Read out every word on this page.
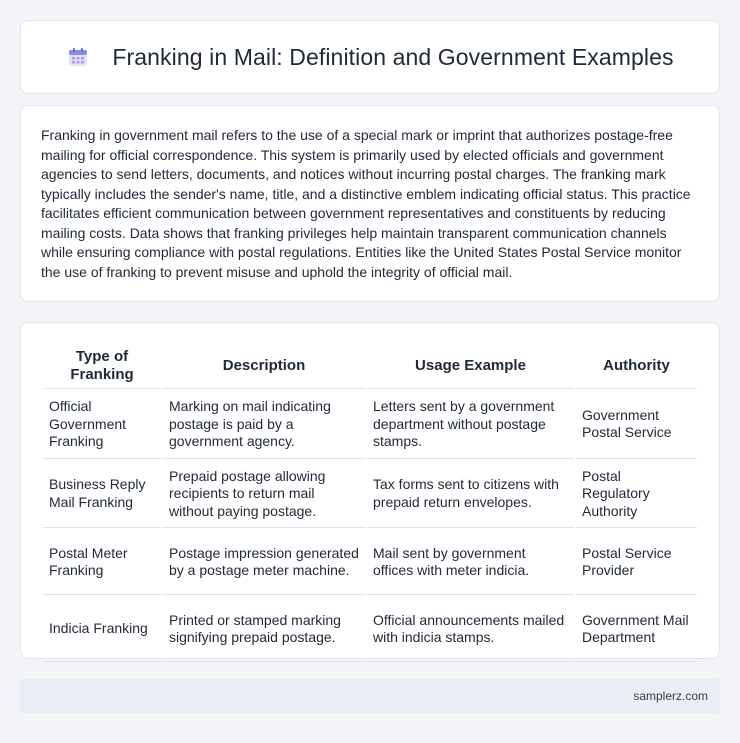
Franking in Mail: Definition and Government Examples

Franking in government mail refers to the use of a special mark or imprint that authorizes postage-free mailing for official correspondence. This system is primarily used by elected officials and government agencies to send letters, documents, and notices without incurring postal charges. The franking mark typically includes the sender's name, title, and a distinctive emblem indicating official status. This practice facilitates efficient communication between government representatives and constituents by reducing mailing costs. Data shows that franking privileges help maintain transparent communication channels while ensuring compliance with postal regulations. Entities like the United States Postal Service monitor the use of franking to prevent misuse and uphold the integrity of official mail.

Type of Franking	Description	Usage Example	Authority
Official Government Franking	Marking on mail indicating postage is paid by a government agency.	Letters sent by a government department without postage stamps.	Government Postal Service
Business Reply Mail Franking	Prepaid postage allowing recipients to return mail without paying postage.	Tax forms sent to citizens with prepaid return envelopes.	Postal Regulatory Authority
Postal Meter Franking	Postage impression generated by a postage meter machine.	Mail sent by government offices with meter indicia.	Postal Service Provider
Indicia Franking	Printed or stamped marking signifying prepaid postage.	Official announcements mailed with indicia stamps.	Government Mail Department
samplerz.com
